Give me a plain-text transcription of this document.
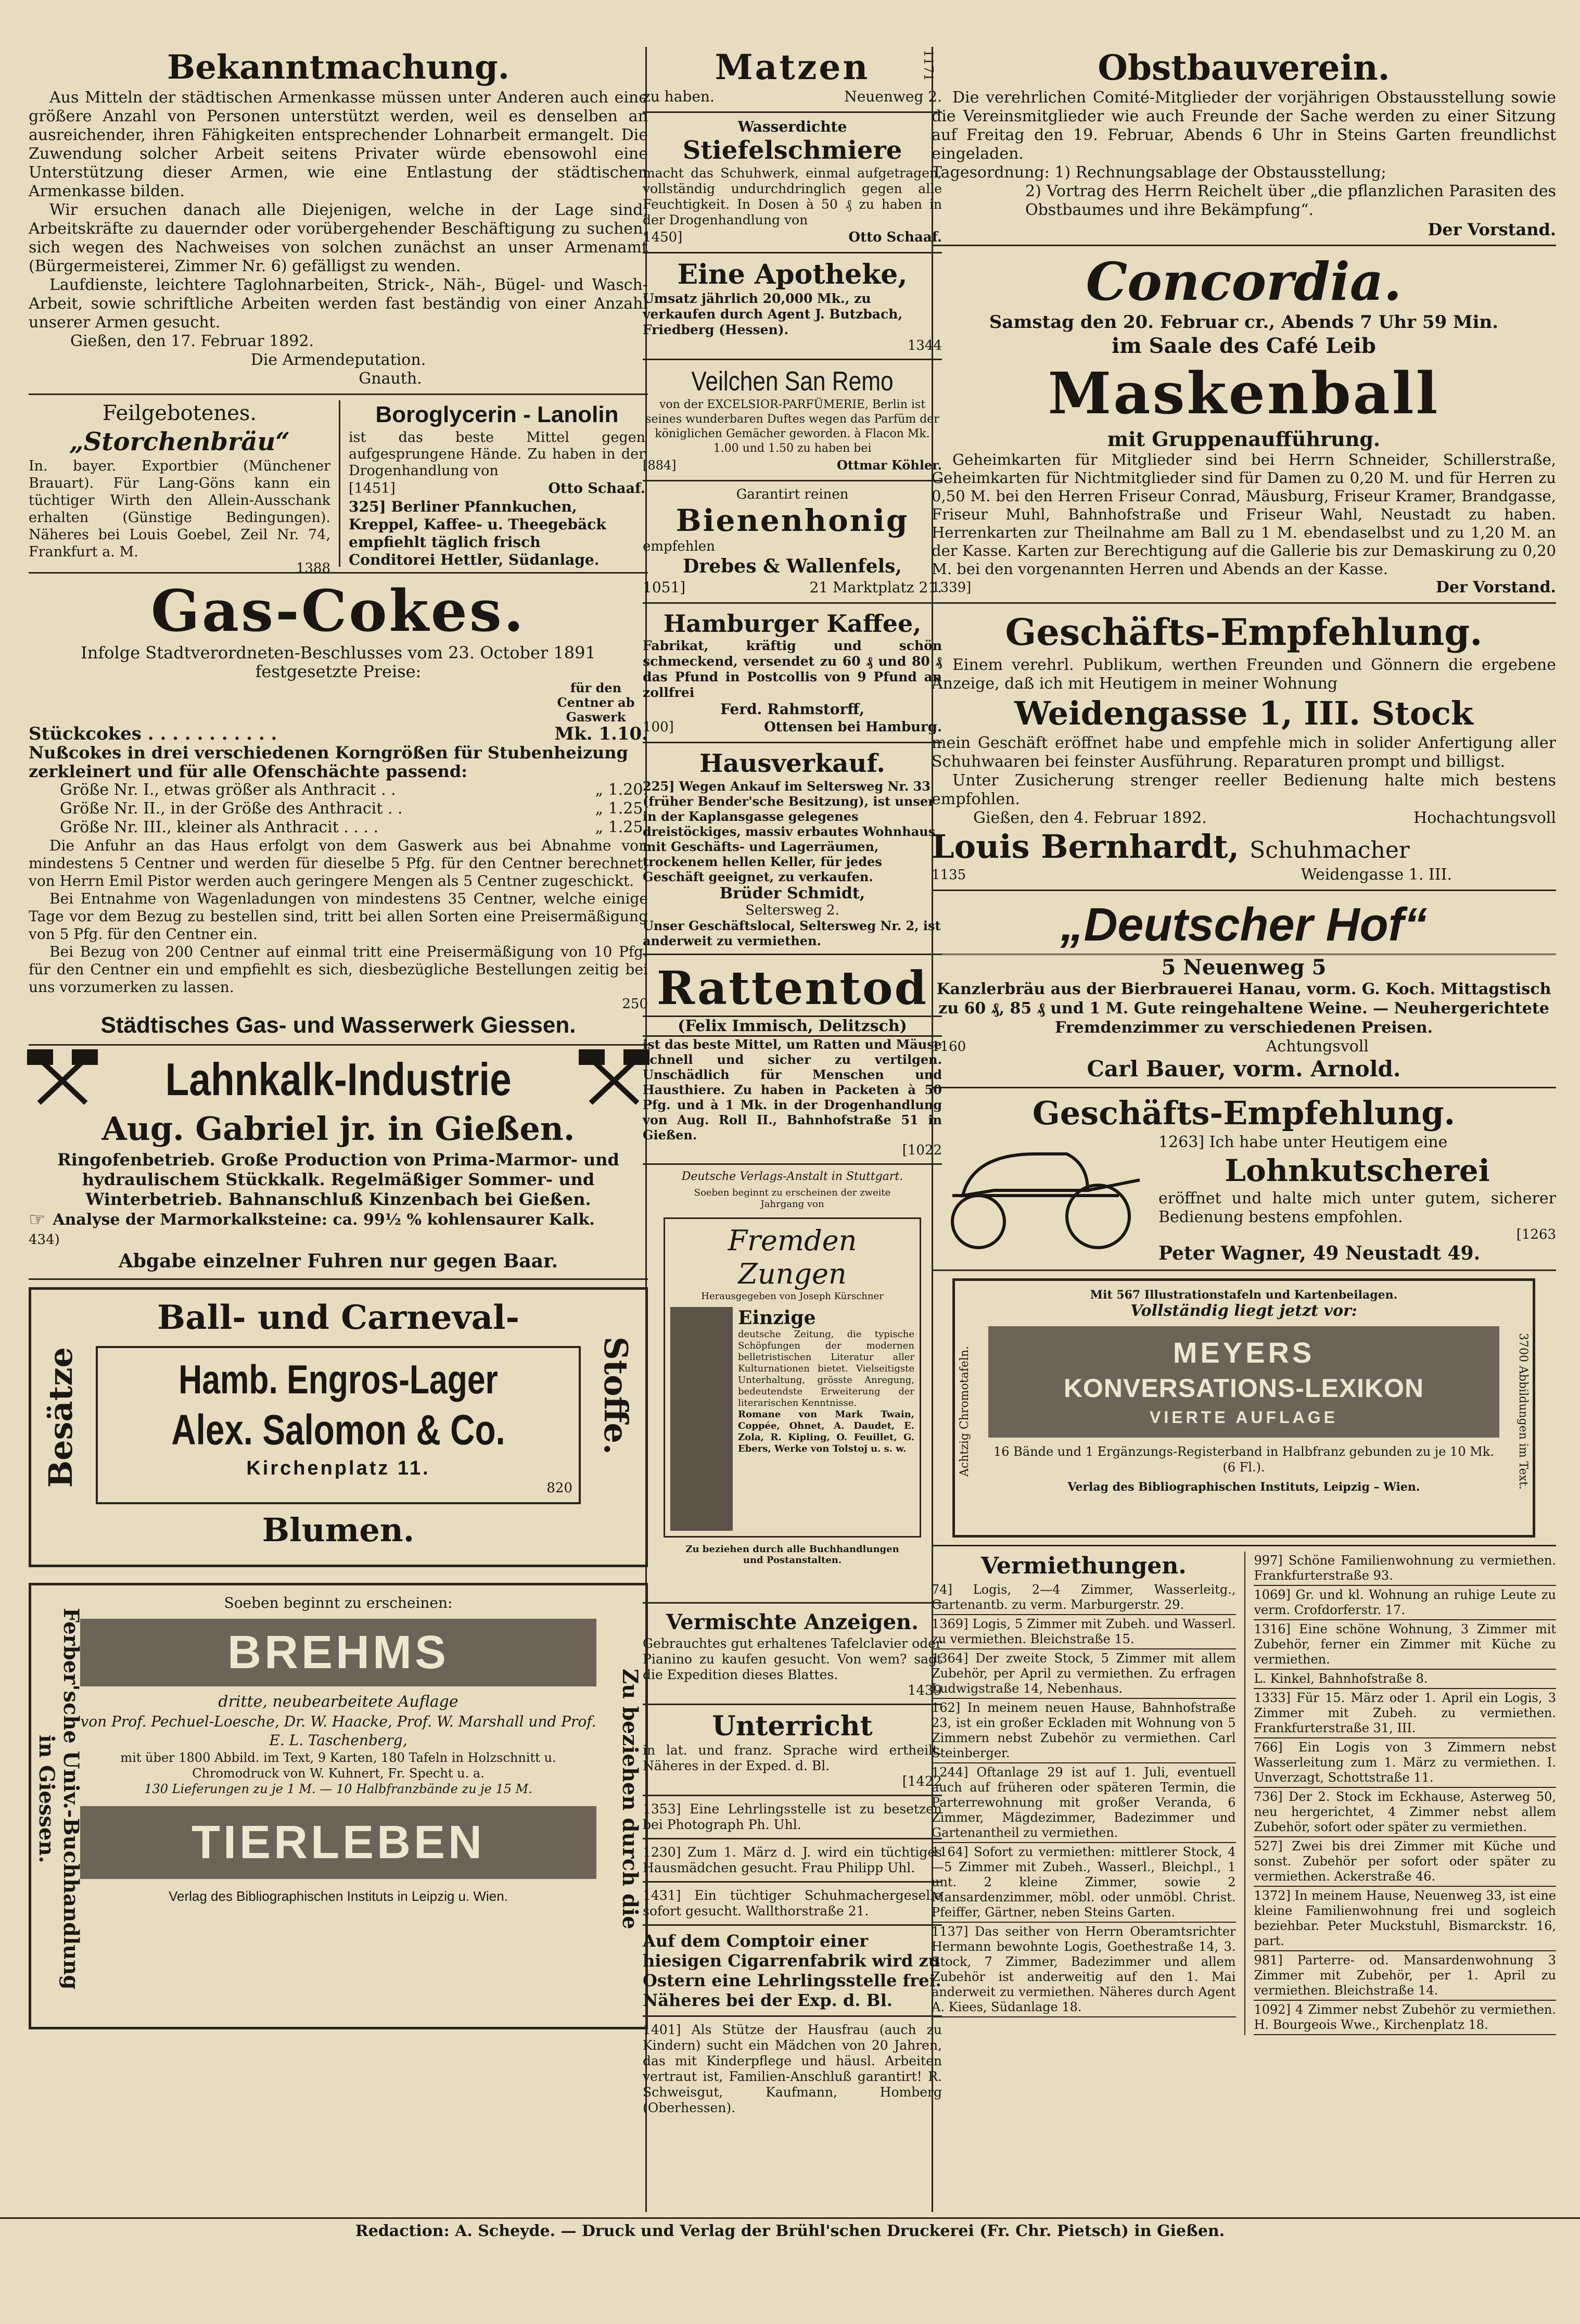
1171
Bekanntmachung.

Aus Mitteln der städtischen Armenkasse müssen unter Anderen auch eine größere Anzahl von Personen unterstützt werden, weil es denselben an ausreichender, ihren Fähigkeiten entsprechender Lohnarbeit ermangelt. Die Zuwendung solcher Arbeit seitens Privater würde ebensowohl eine Unterstützung dieser Armen, wie eine Entlastung der städtischen Armenkasse bilden.

Wir ersuchen danach alle Diejenigen, welche in der Lage sind, Arbeitskräfte zu dauernder oder vorübergehender Beschäftigung zu suchen, sich wegen des Nachweises von solchen zunächst an unser Armenamt (Bürgermeisterei, Zimmer Nr. 6) gefälligst zu wenden.

Laufdienste, leichtere Taglohnarbeiten, Strick-, Näh-, Bügel- und Wasch-Arbeit, sowie schriftliche Arbeiten werden fast beständig von einer Anzahl unserer Armen gesucht.

Gießen, den 17. Februar 1892.

Die Armendeputation.

Gnauth.

Feilgebotenes.
„Storchenbräu“

In. bayer. Exportbier (Münchener Brauart). Für Lang-Göns kann ein tüchtiger Wirth den Allein-Ausschank erhalten (Günstige Bedingungen). Näheres bei Louis Goebel, Zeil Nr. 74, Frankfurt a. M.

1388
Boroglycerin - Lanolin

ist das beste Mittel gegen aufgesprungene Hände. Zu haben in der Drogenhandlung von

[1451]	Otto Schaaf.

325] Berliner Pfannkuchen, Kreppel, Kaffee- u. Theegebäck empfiehlt täglich frisch

Conditorei Hettler, Südanlage.

Gas-Cokes.

Infolge Stadtverordneten-Beschlusses vom 23. October 1891 festgesetzte Preise:

für den Centner ab Gaswerk
Stückcokes . . . . . . . . . . .	Mk. 1.10.

Nußcokes in drei verschiedenen Korngrößen für Stubenheizung zerkleinert und für alle Ofenschächte passend:

Größe Nr. I., etwas größer als Anthracit . .	„ 1.20.
Größe Nr. II., in der Größe des Anthracit . .	„ 1.25.
Größe Nr. III., kleiner als Anthracit . . . .	„ 1.25.

Die Anfuhr an das Haus erfolgt von dem Gaswerk aus bei Abnahme von mindestens 5 Centner und werden für dieselbe 5 Pfg. für den Centner berechnet; von Herrn Emil Pistor werden auch geringere Mengen als 5 Centner zugeschickt.

Bei Entnahme von Wagenladungen von mindestens 35 Centner, welche einige Tage vor dem Bezug zu bestellen sind, tritt bei allen Sorten eine Preisermäßigung von 5 Pfg. für den Centner ein.

Bei Bezug von 200 Centner auf einmal tritt eine Preisermäßigung von 10 Pfg. für den Centner ein und empfiehlt es sich, diesbezügliche Bestellungen zeitig bei uns vorzumerken zu lassen.

250
Städtisches Gas- und Wasserwerk Giessen.
Lahnkalk-Industrie
Aug. Gabriel jr. in Gießen.

Ringofenbetrieb. Große Production von Prima-Marmor- und hydraulischem Stückkalk. Regelmäßiger Sommer- und Winterbetrieb. Bahnanschluß Kinzenbach bei Gießen.

☞ Analyse der Marmorkalksteine: ca. 99½ % kohlensaurer Kalk.

434)
Abgabe einzelner Fuhren nur gegen Baar.
Ball- und Carneval-
Besätze	Stoffe.
Hamb. Engros-Lager
Alex. Salomon & Co.
Kirchenplatz 11.
820
Blumen.
Ferber'sche Univ.-Buchhandlung in Giessen.	Zu beziehen durch die
Soeben beginnt zu erscheinen:
BREHMS
dritte, neubearbeitete Auflage

von Prof. Pechuel-Loesche, Dr. W. Haacke, Prof. W. Marshall und Prof. E. L. Taschenberg,

mit über 1800 Abbild. im Text, 9 Karten, 180 Tafeln in Holzschnitt u. Chromodruck von W. Kuhnert, Fr. Specht u. a.

130 Lieferungen zu je 1 M. — 10 Halbfranzbände zu je 15 M.

TIERLEBEN
Verlag des Bibliographischen Instituts in Leipzig u. Wien.
Matzen
zu haben.	Neuenweg 2.
Wasserdichte
Stiefelschmiere

macht das Schuhwerk, einmal aufgetragen, vollständig undurchdringlich gegen alle Feuchtigkeit. In Dosen à 50 ₰ zu haben in der Drogenhandlung von

1450]	Otto Schaaf.
Eine Apotheke,

Umsatz jährlich 20,000 Mk., zu verkaufen durch Agent J. Butzbach, Friedberg (Hessen).

1344
Veilchen San Remo

von der EXCELSIOR-PARFÜMERIE, Berlin ist seines wunderbaren Duftes wegen das Parfüm der königlichen Gemächer geworden. à Flacon Mk. 1.00 und 1.50 zu haben bei

[884]	Ottmar Köhler.
Garantirt reinen
Bienenhonig
empfehlen
Drebes & Wallenfels,
1051]	21 Marktplatz 21.
Hamburger Kaffee,

Fabrikat, kräftig und schön schmeckend, versendet zu 60 ₰ und 80 ₰ das Pfund in Postcollis von 9 Pfund an zollfrei

Ferd. Rahmstorff,
100]	Ottensen bei Hamburg.
Hausverkauf.

225] Wegen Ankauf im Seltersweg Nr. 33 (früher Bender'sche Besitzung), ist unser in der Kaplansgasse gelegenes dreistöckiges, massiv erbautes Wohnhaus mit Geschäfts- und Lagerräumen, trockenem hellen Keller, für jedes Geschäft geeignet, zu verkaufen.

Brüder Schmidt,
Seltersweg 2.

Unser Geschäftslocal, Seltersweg Nr. 2, ist anderweit zu vermiethen.

Rattentod
(Felix Immisch, Delitzsch)

ist das beste Mittel, um Ratten und Mäuse schnell und sicher zu vertilgen. Unschädlich für Menschen und Hausthiere. Zu haben in Packeten à 50 Pfg. und à 1 Mk. in der Drogenhandlung von Aug. Roll II., Bahnhofstraße 51 in Gießen.

[1022
Deutsche Verlags-Anstalt in Stuttgart.
Soeben beginnt zu erscheinen der zweite Jahrgang von
Fremden Zungen
Herausgegeben von Joseph Kürschner
Einzige

deutsche Zeitung, die typische Schöpfungen der modernen belletristischen Literatur aller Kulturnationen bietet. Vielseitigste Unterhaltung, grösste Anregung, bedeutendste Erweiterung der literarischen Kenntnisse.

Romane von Mark Twain, Coppée, Ohnet, A. Daudet, E. Zola, R. Kipling, O. Feuillet, G. Ebers, Werke von Tolstoj u. s. w.

Zu beziehen durch alle Buchhandlungen und Postanstalten.
Vermischte Anzeigen.

Gebrauchtes gut erhaltenes Tafelclavier oder Pianino zu kaufen gesucht. Von wem? sagt die Expedition dieses Blattes.

1439
Unterricht

in lat. und franz. Sprache wird ertheilt. Näheres in der Exped. d. Bl.

[1422

1353] Eine Lehrlingsstelle ist zu besetzen bei Photograph Ph. Uhl.

1230] Zum 1. März d. J. wird ein tüchtiges Hausmädchen gesucht. Frau Philipp Uhl.

1431] Ein tüchtiger Schuhmachergeselle sofort gesucht. Wallthorstraße 21.

Auf dem Comptoir einer hiesigen Cigarrenfabrik wird zu Ostern eine Lehrlingsstelle frei. Näheres bei der Exp. d. Bl.

1401] Als Stütze der Hausfrau (auch zu Kindern) sucht ein Mädchen von 20 Jahren, das mit Kinderpflege und häusl. Arbeiten vertraut ist, Familien-Anschluß garantirt! R. Schweisgut, Kaufmann, Homberg (Oberhessen).

Obstbauverein.

Die verehrlichen Comité-Mitglieder der vorjährigen Obstausstellung sowie die Vereinsmitglieder wie auch Freunde der Sache werden zu einer Sitzung auf Freitag den 19. Februar, Abends 6 Uhr in Steins Garten freundlichst eingeladen.

Tagesordnung: 1) Rechnungsablage der Obstausstellung;

2) Vortrag des Herrn Reichelt über „die pflanzlichen Parasiten des Obstbaumes und ihre Bekämpfung“.

Der Vorstand.
Concordia.
Samstag den 20. Februar cr., Abends 7 Uhr 59 Min.
im Saale des Café Leib
Maskenball
mit Gruppenaufführung.

Geheimkarten für Mitglieder sind bei Herrn Schneider, Schillerstraße, Geheimkarten für Nichtmitglieder sind für Damen zu 0,20 M. und für Herren zu 0,50 M. bei den Herren Friseur Conrad, Mäusburg, Friseur Kramer, Brandgasse, Friseur Muhl, Bahnhofstraße und Friseur Wahl, Neustadt zu haben. Herrenkarten zur Theilnahme am Ball zu 1 M. ebendaselbst und zu 1,20 M. an der Kasse. Karten zur Berechtigung auf die Gallerie bis zur Demaskirung zu 0,20 M. bei den vorgenannten Herren und Abends an der Kasse.

1339]	Der Vorstand.
Geschäfts-Empfehlung.

Einem verehrl. Publikum, werthen Freunden und Gönnern die ergebene Anzeige, daß ich mit Heutigem in meiner Wohnung

Weidengasse 1, III. Stock

mein Geschäft eröffnet habe und empfehle mich in solider Anfertigung aller Schuhwaaren bei feinster Ausführung. Reparaturen prompt und billigst.

Unter Zusicherung strenger reeller Bedienung halte mich bestens empfohlen.

Gießen, den 4. Februar 1892.	Hochachtungsvoll
Louis Bernhardt, Schuhmacher
1135	Weidengasse 1. III.
„Deutscher Hof“
5 Neuenweg 5

Kanzlerbräu aus der Bierbrauerei Hanau, vorm. G. Koch. Mittagstisch zu 60 ₰, 85 ₰ und 1 M. Gute reingehaltene Weine. — Neuhergerichtete Fremdenzimmer zu verschiedenen Preisen.

1160	Achtungsvoll
Carl Bauer, vorm. Arnold.
Geschäfts-Empfehlung.

1263] Ich habe unter Heutigem eine

Lohnkutscherei

eröffnet und halte mich unter gutem, sicherer Bedienung bestens empfohlen.

[1263
Peter Wagner, 49 Neustadt 49.
Mit 567 Illustrationstafeln und Kartenbeilagen.
Vollständig liegt jetzt vor:
Achtzig Chromotafeln.	3700 Abbildungen im Text.
MEYERS
KONVERSATIONS-LEXIKON
VIERTE AUFLAGE

16 Bände und 1 Ergänzungs-Registerband in Halbfranz gebunden zu je 10 Mk. (6 Fl.).

Verlag des Bibliographischen Instituts, Leipzig – Wien.
Vermiethungen.

74] Logis, 2—4 Zimmer, Wasserleitg., Gartenantb. zu verm. Marburgerstr. 29.

1369] Logis, 5 Zimmer mit Zubeh. und Wasserl. zu vermiethen. Bleichstraße 15.

1364] Der zweite Stock, 5 Zimmer mit allem Zubehör, per April zu vermiethen. Zu erfragen Ludwigstraße 14, Nebenhaus.

162] In meinem neuen Hause, Bahnhofstraße 23, ist ein großer Eckladen mit Wohnung von 5 Zimmern nebst Zubehör zu vermiethen. Carl Steinberger.

1244] Oftanlage 29 ist auf 1. Juli, eventuell auch auf früheren oder späteren Termin, die Parterrewohnung mit großer Veranda, 6 Zimmer, Mägdezimmer, Badezimmer und Gartenantheil zu vermiethen.

1164] Sofort zu vermiethen: mittlerer Stock, 4—5 Zimmer mit Zubeh., Wasserl., Bleichpl., 1 unt. 2 kleine Zimmer, sowie 2 Mansardenzimmer, möbl. oder unmöbl. Christ. Pfeiffer, Gärtner, neben Steins Garten.

1137] Das seither von Herrn Oberamtsrichter Hermann bewohnte Logis, Goethestraße 14, 3. Stock, 7 Zimmer, Badezimmer und allem Zubehör ist anderweitig auf den 1. Mai anderweit zu vermiethen. Näheres durch Agent A. Kiees, Südanlage 18.

997] Schöne Familienwohnung zu vermiethen. Frankfurterstraße 93.

1069] Gr. und kl. Wohnung an ruhige Leute zu verm. Crofdorferstr. 17.

1316] Eine schöne Wohnung, 3 Zimmer mit Zubehör, ferner ein Zimmer mit Küche zu vermiethen.

L. Kinkel, Bahnhofstraße 8.

1333] Für 15. März oder 1. April ein Logis, 3 Zimmer mit Zubeh. zu vermiethen. Frankfurterstraße 31, III.

766] Ein Logis von 3 Zimmern nebst Wasserleitung zum 1. März zu vermiethen. I. Unverzagt, Schottstraße 11.

736] Der 2. Stock im Eckhause, Asterweg 50, neu hergerichtet, 4 Zimmer nebst allem Zubehör, sofort oder später zu vermiethen.

527] Zwei bis drei Zimmer mit Küche und sonst. Zubehör per sofort oder später zu vermiethen. Ackerstraße 46.

1372] In meinem Hause, Neuenweg 33, ist eine kleine Familienwohnung frei und sogleich beziehbar. Peter Muckstuhl, Bismarckstr. 16, part.

981] Parterre- od. Mansardenwohnung 3 Zimmer mit Zubehör, per 1. April zu vermiethen. Bleichstraße 14.

1092] 4 Zimmer nebst Zubehör zu vermiethen. H. Bourgeois Wwe., Kirchenplatz 18.

Redaction: A. Scheyde. — Druck und Verlag der Brühl'schen Druckerei (Fr. Chr. Pietsch) in Gießen.
